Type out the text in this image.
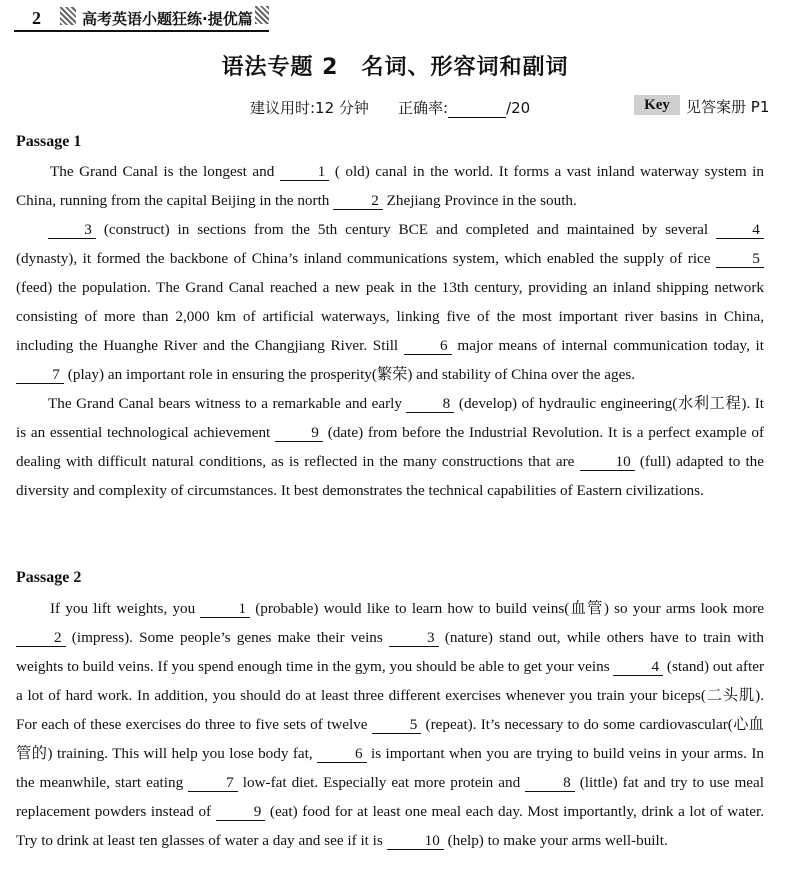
2	高考英语小题狂练·提优篇
语法专题 2　名词、形容词和副词
建议用时:12 分钟 正确率:	/20	Key	见答案册 P1
Passage 1

The Grand Canal is the longest and	1 ( old) canal in the world. It forms a vast inland waterway system in China, running from the capital Beijing in the north	2 Zhejiang Province in the south.

3 (construct) in sections from the 5th century BCE and completed and maintained by several 4 (dynasty), it formed the backbone of China’s inland communications system, which enabled the supply of rice 5 (feed) the population. The Grand Canal reached a new peak in the 13th century, providing an inland shipping network consisting of more than 2,000 km of artificial waterways, linking five of the most important river basins in China, including the Huanghe River and the Changjiang River. Still 6 major means of internal communication today, it 7 (play) an important role in ensuring the prosperity(繁荣) and stability of China over the ages.

The Grand Canal bears witness to a remarkable and early 8 (develop) of hydraulic engineering(水利工程). It is an essential technological achievement 9 (date) from before the Industrial Revolution. It is a perfect example of dealing with difficult natural conditions, as is reflected in the many constructions that are 10 (full) adapted to the diversity and complexity of circumstances. It best demonstrates the technical capabilities of Eastern civilizations.

Passage 2

If you lift weights, you	1 (probable) would like to learn how to build veins(血管) so your arms look more 2 (impress). Some people’s genes make their veins	3 (nature) stand out, while others have to train with weights to build veins. If you spend enough time in the gym, you should be able to get your veins	4 (stand) out after a lot of hard work. In addition, you should do at least three different exercises whenever you train your biceps(二头肌). For each of these exercises do three to five sets of twelve	5 (repeat). It’s necessary to do some cardiovascular(心血管的) training. This will help you lose body fat,	6 is important when you are trying to build veins in your arms. In the meanwhile, start eating	7 low-fat diet. Especially eat more protein and	8 (little) fat and try to use meal replacement powders instead of	9 (eat) food for at least one meal each day. Most importantly, drink a lot of water. Try to drink at least ten glasses of water a day and see if it is	10 (help) to make your arms well-built.
